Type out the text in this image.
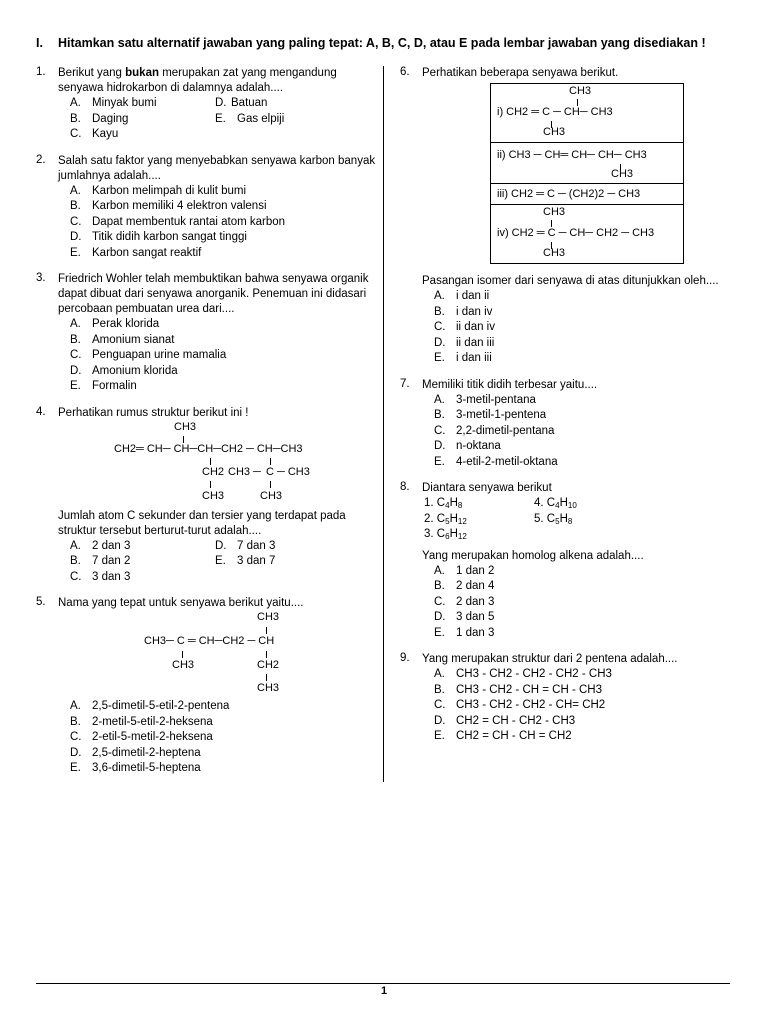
I. Hitamkan satu alternatif jawaban yang paling tepat: A, B, C, D, atau E pada lembar jawaban yang disediakan !
1. Berikut yang bukan merupakan zat yang mengandung senyawa hidrokarbon di dalamnya adalah....
A. Minyak bumi	D. Batuan
B. Daging	E. Gas elpiji
C. Kayu
2. Salah satu faktor yang menyebabkan senyawa karbon banyak jumlahnya adalah....
A. Karbon melimpah di kulit bumi
B. Karbon memiliki 4 elektron valensi
C. Dapat membentuk rantai atom karbon
D. Titik didih karbon sangat tinggi
E. Karbon sangat reaktif
3. Friedrich Wohler telah membuktikan bahwa senyawa organik dapat dibuat dari senyawa anorganik. Penemuan ini didasari percobaan pembuatan urea dari....
A. Perak klorida
B. Amonium sianat
C. Penguapan urine mamalia
D. Amonium klorida
E. Formalin
4. Perhatikan rumus struktur berikut ini !
CH3
CH2═ CH─ CH─CH─CH2 ─ CH─CH3
CH2 CH3 ─ C ─ CH3
CH3	CH3
Jumlah atom C sekunder dan tersier yang terdapat pada struktur tersebut berturut-turut adalah....
A. 2 dan 3	D. 7 dan 3
B. 7 dan 2	E. 3 dan 7
C. 3 dan 3
5. Nama yang tepat untuk senyawa berikut yaitu....
CH3
CH3─ C ═ CH─CH2 ─ CH
CH3	CH2
CH3
A. 2,5-dimetil-5-etil-2-pentena
B. 2-metil-5-etil-2-heksena
C. 2-etil-5-metil-2-heksena
D. 2,5-dimetil-2-heptena
E. 3,6-dimetil-5-heptena
6. Perhatikan beberapa senyawa berikut.
CH3
i) CH2 ═ C ─ CH─ CH3
CH3

ii) CH3 ─ CH═ CH─ CH─ CH3
CH3

iii) CH2 ═ C ─ (CH2)2 ─ CH3

CH3
iv) CH2 ═ C ─ CH─ CH2 ─ CH3
CH3
Pasangan isomer dari senyawa di atas ditunjukkan oleh....
A. i dan ii
B. i dan iv
C. ii dan iv
D. ii dan iii
E. i dan iii
7. Memiliki titik didih terbesar yaitu....
A. 3-metil-pentana
B. 3-metil-1-pentena
C. 2,2-dimetil-pentana
D. n-oktana
E. 4-etil-2-metil-oktana
8. Diantara senyawa berikut
1. $C_4H_8$	4. $C_4H_{10}$
2. $C_5H_{12}$	5. $C_5H_8$
3. $C_6H_{12}$
Yang merupakan homolog alkena adalah....
A. 1 dan 2
B. 2 dan 4
C. 2 dan 3
D. 3 dan 5
E. 1 dan 3
9. Yang merupakan struktur dari 2 pentena adalah....
A. CH3 - CH2 - CH2 - CH2 - CH3
B. CH3 - CH2 - CH = CH - CH3
C. CH3 - CH2 - CH2 - CH= CH2
D. CH2 = CH - CH2 - CH3
E. CH2 = CH - CH = CH2
1
